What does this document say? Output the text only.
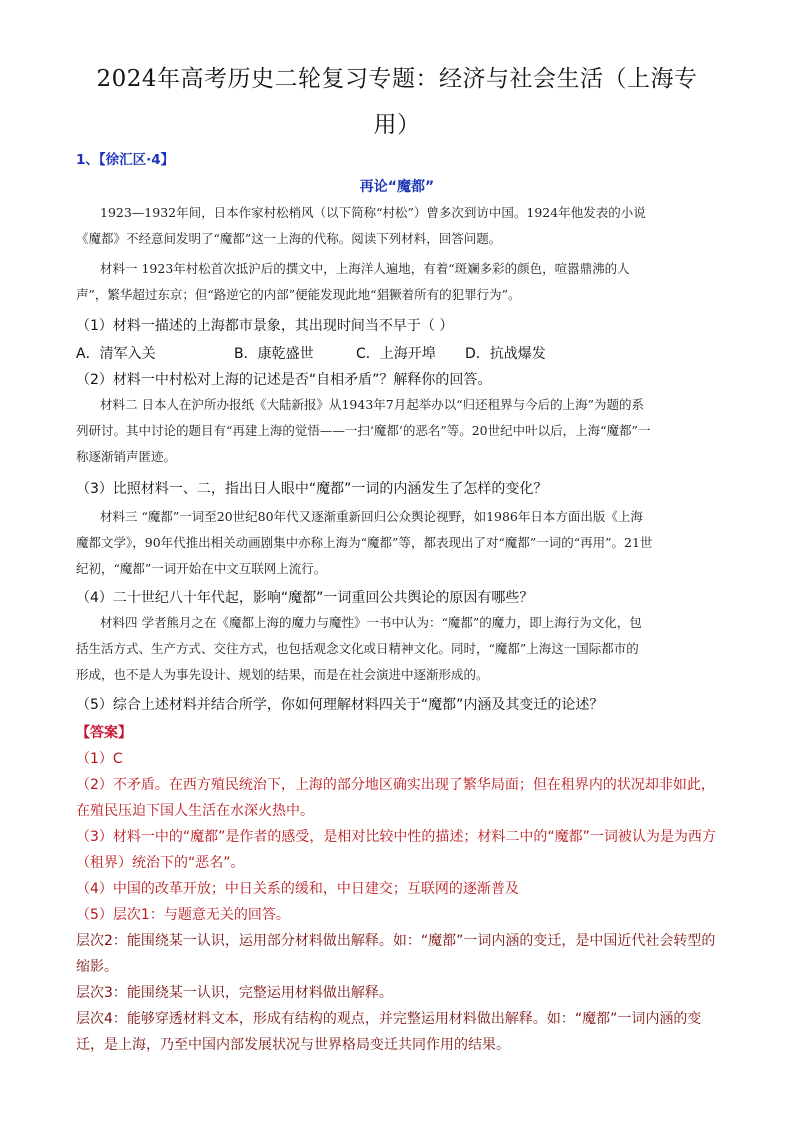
2024年高考历史二轮复习专题：经济与社会生活（上海专
用）
1、【徐汇区·4】
再论“魔都”
1923—1932年间，日本作家村松梢风（以下简称“村松”）曾多次到访中国。1924年他发表的小说
《魔都》不经意间发明了“魔都”这一上海的代称。阅读下列材料，回答问题。
材料一 1923年村松首次抵沪后的撰文中，上海洋人遍地，有着“斑斓多彩的颜色，喧嚣鼎沸的人
声”，繁华超过东京；但“路逆它的内部”便能发现此地“猖獗着所有的犯罪行为”。
（1）材料一描述的上海都市景象，其出现时间当不早于（ ）
A．清军入关	B．康乾盛世	C．上海开埠 D．抗战爆发
（2）材料一中村松对上海的记述是否“自相矛盾”？解释你的回答。
材料二 日本人在沪所办报纸《大陆新报》从1943年7月起举办以“归还租界与今后的上海”为题的系
列研讨。其中讨论的题目有“再建上海的觉悟——一扫‘魔都’的恶名”等。20世纪中叶以后，上海“魔都”一
称逐渐销声匿迹。
（3）比照材料一、二，指出日人眼中“魔都”一词的内涵发生了怎样的变化？
材料三 “魔都”一词至20世纪80年代又逐渐重新回归公众舆论视野，如1986年日本方面出版《上海
魔都文学》，90年代推出相关动画剧集中亦称上海为“魔都”等，都表现出了对“魔都”一词的“再用”。21世
纪初，“魔都”一词开始在中文互联网上流行。
（4）二十世纪八十年代起，影响“魔都”一词重回公共舆论的原因有哪些？
材料四 学者熊月之在《魔都上海的魔力与魔性》一书中认为：“魔都”的魔力，即上海行为文化，包
括生活方式、生产方式、交往方式，也包括观念文化或日精神文化。同时，“魔都”上海这一国际都市的
形成，也不是人为事先设计、规划的结果，而是在社会演进中逐渐形成的。
（5）综合上述材料并结合所学，你如何理解材料四关于“魔都”内涵及其变迁的论述？
【答案】
（1）C
（2）不矛盾。在西方殖民统治下，上海的部分地区确实出现了繁华局面；但在租界内的状况却非如此，
在殖民压迫下国人生活在水深火热中。
（3）材料一中的“魔都”是作者的感受，是相对比较中性的描述；材料二中的“魔都”一词被认为是为西方
（租界）统治下的“恶名”。
（4）中国的改革开放；中日关系的缓和，中日建交；互联网的逐渐普及
（5）层次1：与题意无关的回答。
层次2：能围绕某一认识，运用部分材料做出解释。如：“魔都”一词内涵的变迁，是中国近代社会转型的
缩影。
层次3：能围绕某一认识，完整运用材料做出解释。
层次4：能够穿透材料文本，形成有结构的观点，并完整运用材料做出解释。如：“魔都”一词内涵的变
迁，是上海，乃至中国内部发展状况与世界格局变迁共同作用的结果。
